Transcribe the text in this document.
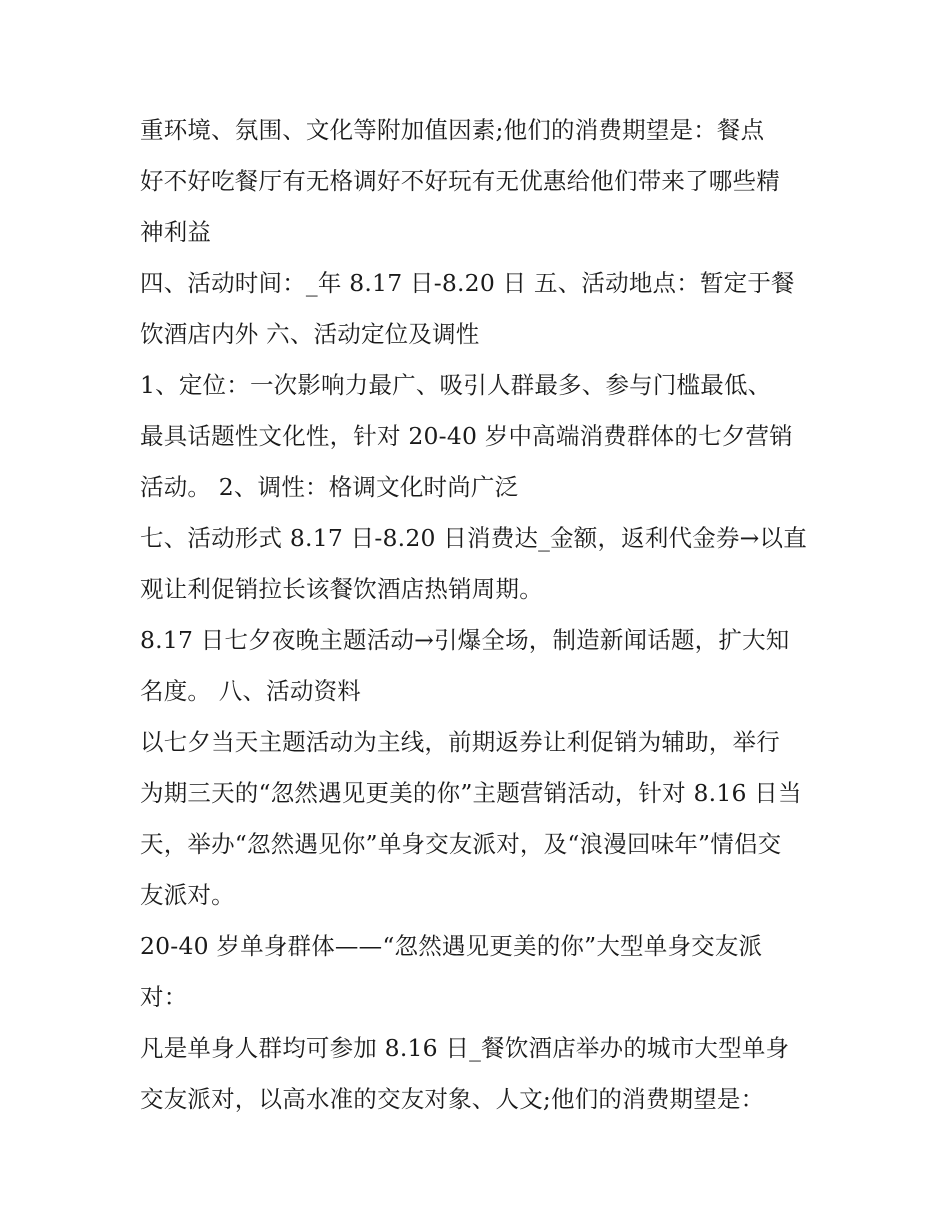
重环境、氛围、文化等附加值因素;他们的消费期望是：餐点
好不好吃餐厅有无格调好不好玩有无优惠给他们带来了哪些精
神利益
四、活动时间：_年 8.17 日-8.20 日 五、活动地点：暂定于餐
饮酒店内外 六、活动定位及调性
1、定位：一次影响力最广、吸引人群最多、参与门槛最低、
最具话题性文化性，针对 20-40 岁中高端消费群体的七夕营销
活动。 2、调性：格调文化时尚广泛
七、活动形式 8.17 日-8.20 日消费达_金额，返利代金券→以直
观让利促销拉长该餐饮酒店热销周期。
8.17 日七夕夜晚主题活动→引爆全场，制造新闻话题，扩大知
名度。 八、活动资料
以七夕当天主题活动为主线，前期返券让利促销为辅助，举行
为期三天的“忽然遇见更美的你”主题营销活动，针对 8.16 日当
天，举办“忽然遇见你”单身交友派对，及“浪漫回味年”情侣交
友派对。
20-40 岁单身群体——“忽然遇见更美的你”大型单身交友派
对：
凡是单身人群均可参加 8.16 日_餐饮酒店举办的城市大型单身
交友派对，以高水准的交友对象、人文;他们的消费期望是：
